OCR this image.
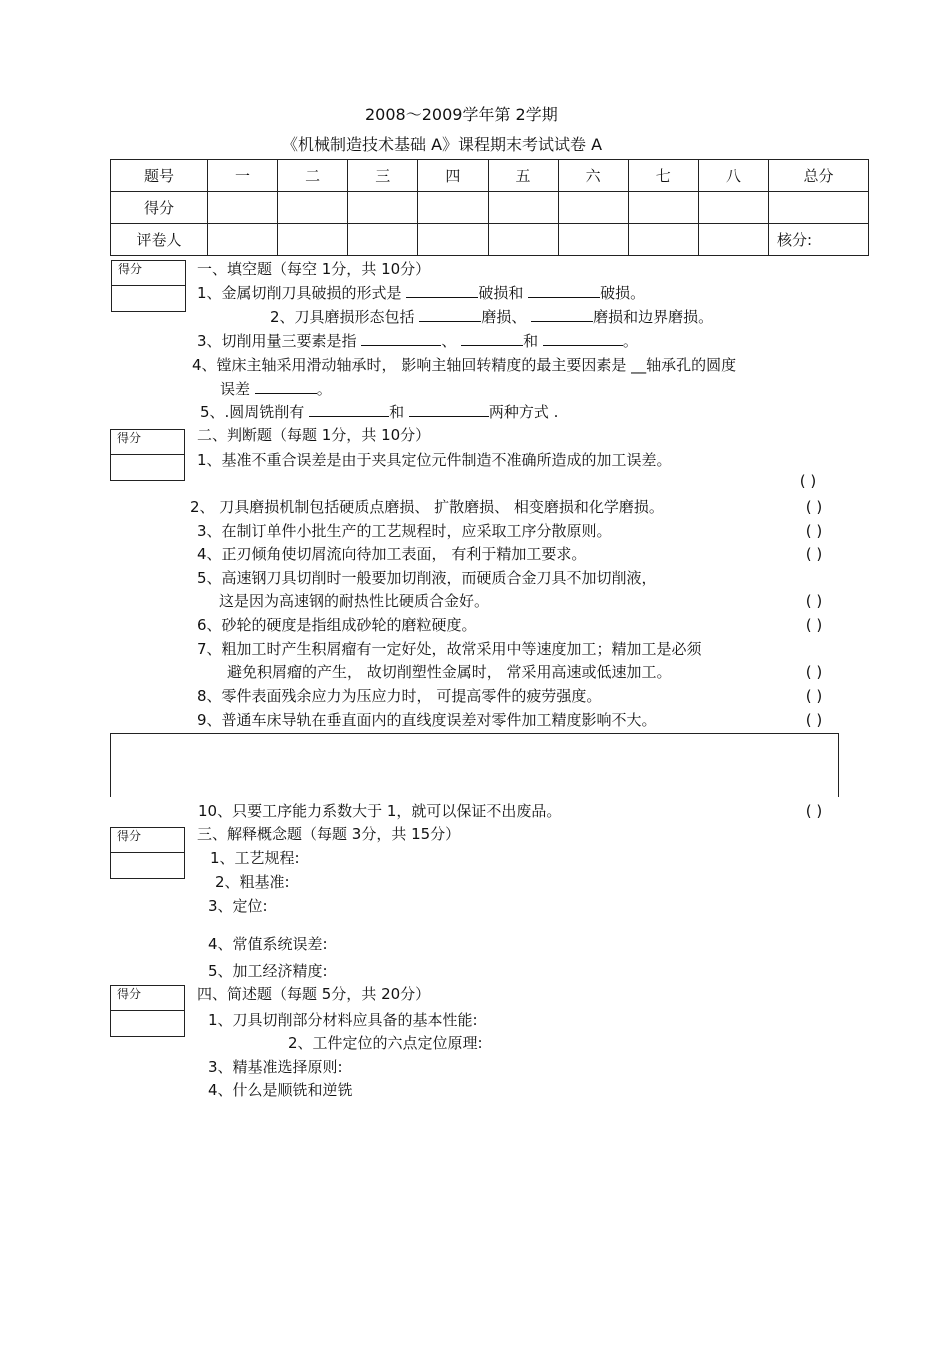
2008～2009学年第 2学期
《机械制造技术基础 A》课程期末考试试卷 A
题号	一	二	三	四	五	六	七	八	总分
得分									
评卷人									核分:
得分	一、填空题（每空 1分，共 10分）
1、金属切削刀具破损的形式是	破损和	破损。
2、刀具磨损形态包括	磨损、	磨损和边界磨损。
3、切削用量三要素是指	、	和	。
4、镗床主轴采用滑动轴承时， 影响主轴回转精度的最主要因素是 __轴承孔的圆度
误差	。
5、.圆周铣削有	和	两种方式 .
得分	二、判断题（每题 1分，共 10分）
1、基准不重合误差是由于夹具定位元件制造不准确所造成的加工误差。
( )
2、 刀具磨损机制包括硬质点磨损、 扩散磨损、 相变磨损和化学磨损。	( )
3、在制订单件小批生产的工艺规程时，应采取工序分散原则。	( )
4、正刃倾角使切屑流向待加工表面， 有利于精加工要求。	( )
5、高速钢刀具切削时一般要加切削液，而硬质合金刀具不加切削液，
这是因为高速钢的耐热性比硬质合金好。	( )
6、砂轮的硬度是指组成砂轮的磨粒硬度。	( )
7、粗加工时产生积屑瘤有一定好处，故常采用中等速度加工；精加工是必须
避免积屑瘤的产生， 故切削塑性金属时， 常采用高速或低速加工。	( )
8、零件表面残余应力为压应力时， 可提高零件的疲劳强度。	( )
9、普通车床导轨在垂直面内的直线度误差对零件加工精度影响不大。	( )
10、只要工序能力系数大于 1，就可以保证不出废品。	( )
得分	三、解释概念题（每题 3分，共 15分）
1、工艺规程:
2、粗基准:
3、定位:
4、常值系统误差:
5、加工经济精度:
得分	四、简述题（每题 5分，共 20分）
1、刀具切削部分材料应具备的基本性能:
2、工件定位的六点定位原理:
3、精基准选择原则:
4、什么是顺铣和逆铣
